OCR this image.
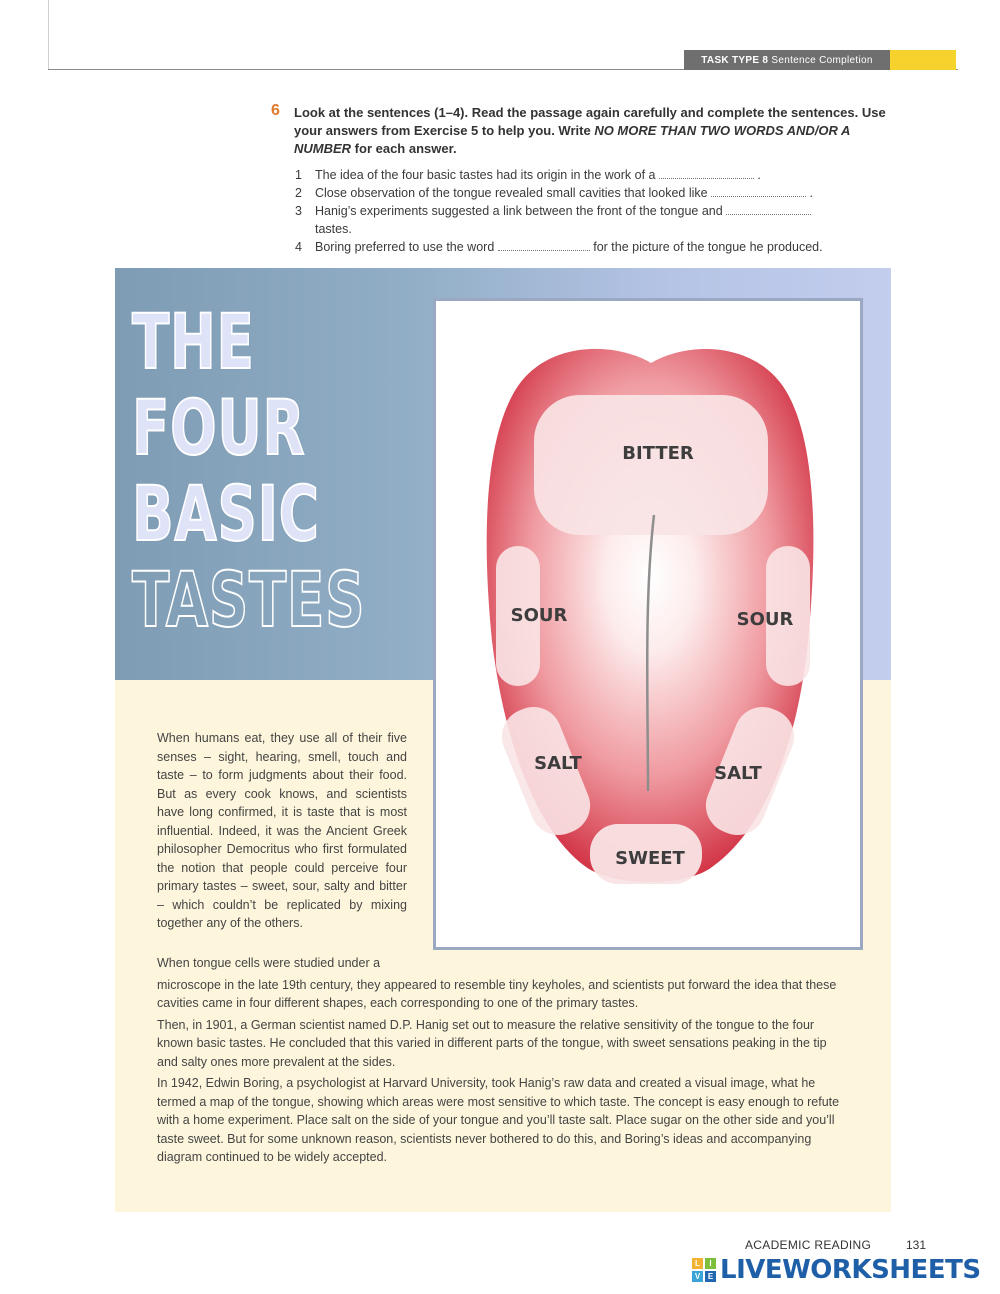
TASK TYPE 8
Sentence Completion
6 Look at the sentences (1–4). Read the passage again carefully and complete the sentences. Use your answers from Exercise 5 to help you. Write NO MORE THAN TWO WORDS AND/OR A NUMBER for each answer.
1	The idea of the four basic tastes had its origin in the work of a	.
2	Close observation of the tongue revealed small cavities that looked like	.
3	Hanig’s experiments suggested a link between the front of the tongue and
tastes.
4	Boring preferred to use the word	for the picture of the tongue he produced.
THE
FOUR
BASIC
TASTES
BITTER
SOUR	SOUR
SALT	SALT
SWEET
When humans eat, they use all of their five senses – sight, hearing, smell, touch and taste – to form judgments about their food. But as every cook knows, and scientists have long confirmed, it is taste that is most influential. Indeed, it was the Ancient Greek philosopher Democritus who first formulated the notion that people could perceive four primary tastes – sweet, sour, salty and bitter – which couldn’t be replicated by mixing together any of the others.

When tongue cells were studied under a

microscope in the late 19th century, they appeared to resemble tiny keyholes, and scientists put forward the idea that these cavities came in four different shapes, each corresponding to one of the primary tastes.

Then, in 1901, a German scientist named D.P. Hanig set out to measure the relative sensitivity of the tongue to the four known basic tastes. He concluded that this varied in different parts of the tongue, with sweet sensations peaking in the tip and salty ones more prevalent at the sides.

In 1942, Edwin Boring, a psychologist at Harvard University, took Hanig’s raw data and created a visual image, what he termed a map of the tongue, showing which areas were most sensitive to which taste. The concept is easy enough to refute with a home experiment. Place salt on the side of your tongue and you’ll taste salt. Place sugar on the other side and you’ll taste sweet. But for some unknown reason, scientists never bothered to do this, and Boring’s ideas and accompanying diagram continued to be widely accepted.

ACADEMIC READING	131
L	I
V E LIVEWORKSHEETS
